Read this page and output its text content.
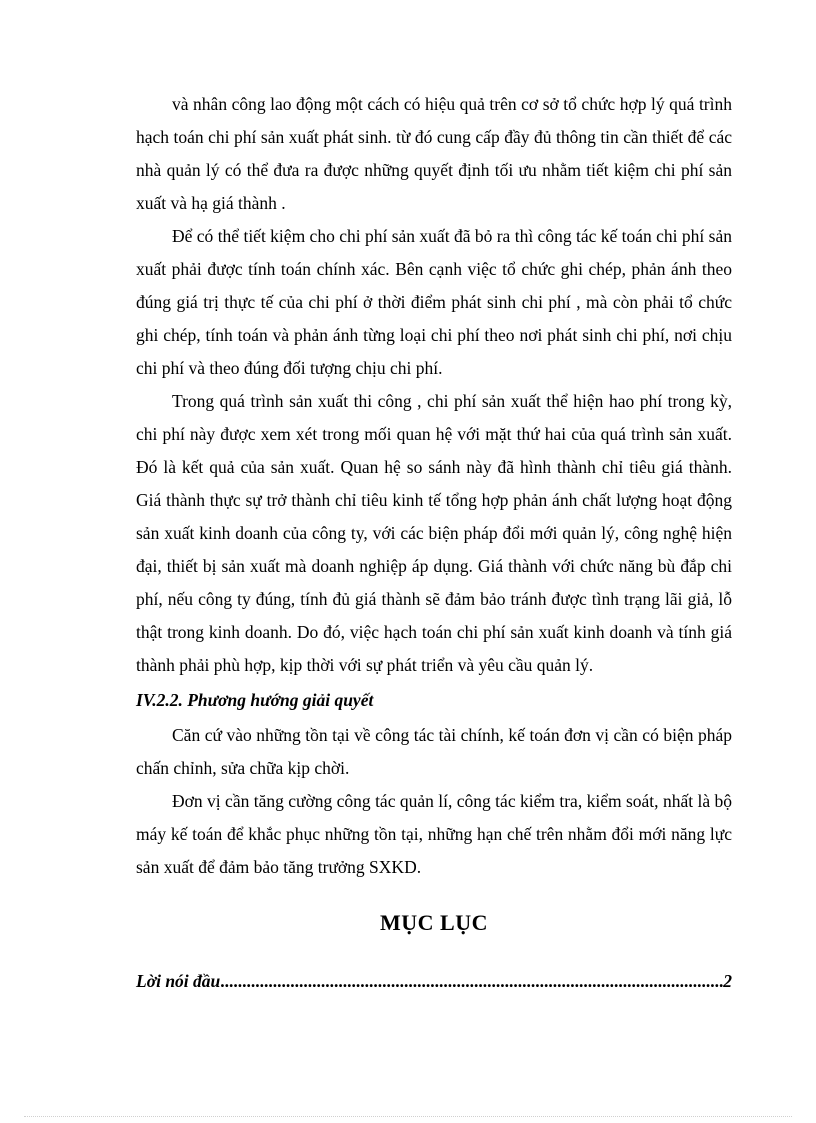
và nhân công lao động một cách có hiệu quả trên cơ sở tổ chức hợp lý quá trình hạch toán chi phí sản xuất phát sinh. từ đó cung cấp đầy đủ thông tin cần thiết để các nhà quản lý có thể đưa ra được những quyết định tối ưu nhằm tiết kiệm chi phí sản xuất và hạ giá thành .

Để có thể tiết kiệm cho chi phí sản xuất đã bỏ ra thì công tác kế toán chi phí sản xuất phải được tính toán chính xác. Bên cạnh việc tổ chức ghi chép, phản ánh theo đúng giá trị thực tế của chi phí ở thời điểm phát sinh chi phí , mà còn phải tổ chức ghi chép, tính toán và phản ánh từng loại chi phí theo nơi phát sinh chi phí, nơi chịu chi phí và theo đúng đối tượng chịu chi phí.

Trong quá trình sản xuất thi công , chi phí sản xuất thể hiện hao phí trong kỳ, chi phí này được xem xét trong mối quan hệ với mặt thứ hai của quá trình sản xuất. Đó là kết quả của sản xuất. Quan hệ so sánh này đã hình thành chỉ tiêu giá thành. Giá thành thực sự trở thành chỉ tiêu kinh tế tổng hợp phản ánh chất lượng hoạt động sản xuất kinh doanh của công ty, với các biện pháp đổi mới quản lý, công nghệ hiện đại, thiết bị sản xuất mà doanh nghiệp áp dụng. Giá thành với chức năng bù đắp chi phí, nếu công ty đúng, tính đủ giá thành sẽ đảm bảo tránh được tình trạng lãi giả, lỗ thật trong kinh doanh. Do đó, việc hạch toán chi phí sản xuất kinh doanh và tính giá thành phải phù hợp, kịp thời với sự phát triển và yêu cầu quản lý.

IV.2.2. Phương hướng giải quyết

Căn cứ vào những tồn tại về công tác tài chính, kế toán đơn vị cần có biện pháp chấn chỉnh, sửa chữa kịp chời.

Đơn vị cần tăng cường công tác quản lí, công tác kiểm tra, kiểm soát, nhất là bộ máy kế toán để khắc phục những tồn tại, những hạn chế trên nhằm đổi mới năng lực sản xuất để đảm bảo tăng trưởng SXKD.

MỤC LỤC
Lời nói đầu
.....	2
